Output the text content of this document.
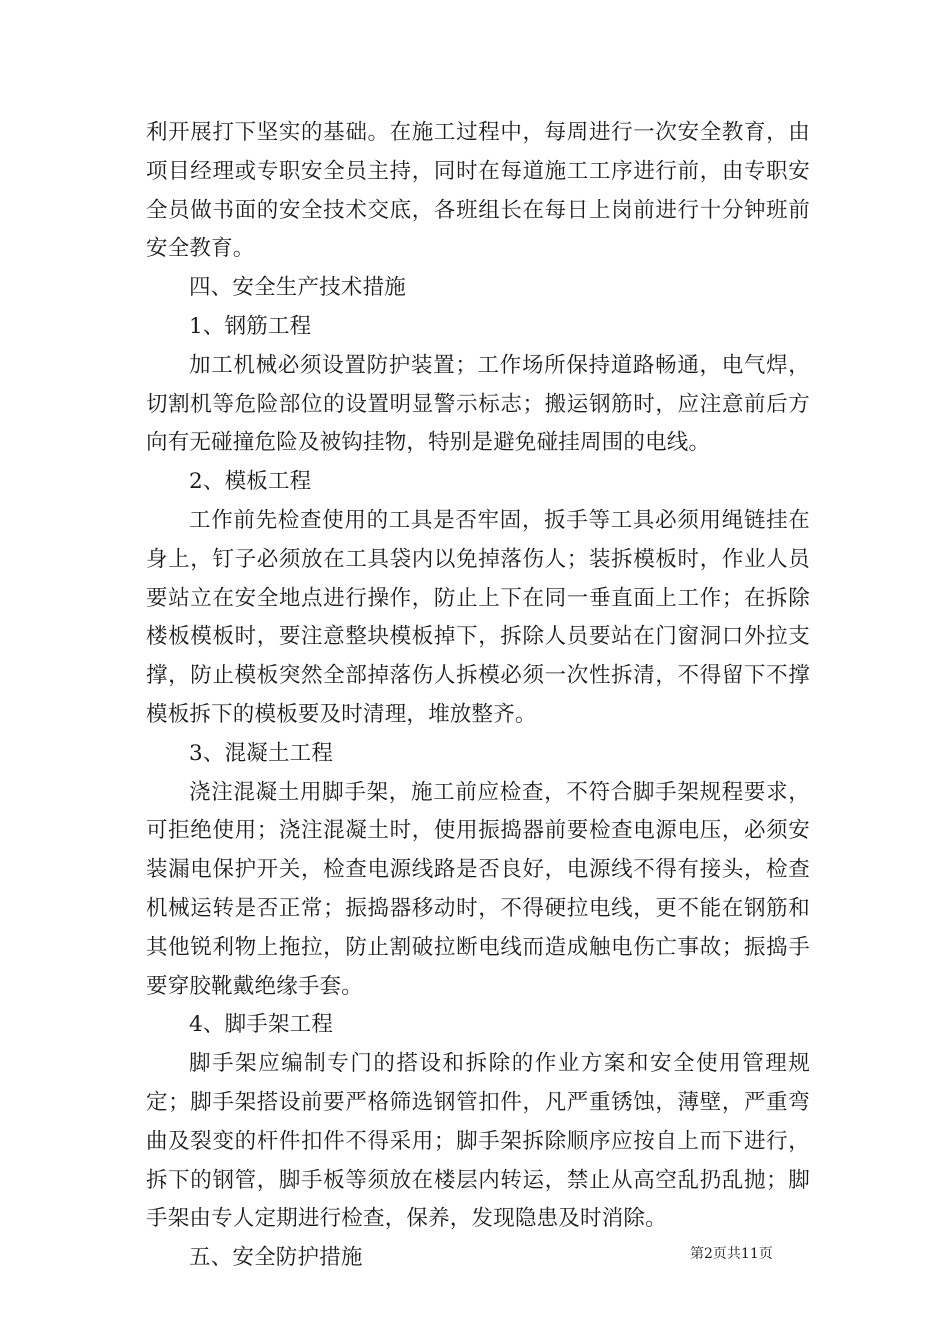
利开展打下坚实的基础。在施工过程中，每周进行一次安全教育，由项目经理或专职安全员主持，同时在每道施工工序进行前，由专职安全员做书面的安全技术交底，各班组长在每日上岗前进行十分钟班前安全教育。

四、安全生产技术措施

1、钢筋工程

加工机械必须设置防护装置；工作场所保持道路畅通，电气焊，切割机等危险部位的设置明显警示标志；搬运钢筋时，应注意前后方向有无碰撞危险及被钩挂物，特别是避免碰挂周围的电线。

2、模板工程

工作前先检查使用的工具是否牢固，扳手等工具必须用绳链挂在身上，钉子必须放在工具袋内以免掉落伤人；装拆模板时，作业人员要站立在安全地点进行操作，防止上下在同一垂直面上工作；在拆除楼板模板时，要注意整块模板掉下，拆除人员要站在门窗洞口外拉支撑，防止模板突然全部掉落伤人拆模必须一次性拆清，不得留下不撑模板拆下的模板要及时清理，堆放整齐。

3、混凝土工程

浇注混凝土用脚手架，施工前应检查，不符合脚手架规程要求，可拒绝使用；浇注混凝土时，使用振捣器前要检查电源电压，必须安装漏电保护开关，检查电源线路是否良好，电源线不得有接头，检查机械运转是否正常；振捣器移动时，不得硬拉电线，更不能在钢筋和其他锐利物上拖拉，防止割破拉断电线而造成触电伤亡事故；振捣手要穿胶靴戴绝缘手套。

4、脚手架工程

脚手架应编制专门的搭设和拆除的作业方案和安全使用管理规定；脚手架搭设前要严格筛选钢管扣件，凡严重锈蚀，薄壁，严重弯曲及裂变的杆件扣件不得采用；脚手架拆除顺序应按自上而下进行，拆下的钢管，脚手板等须放在楼层内转运，禁止从高空乱扔乱抛；脚手架由专人定期进行检查，保养，发现隐患及时消除。

五、安全防护措施	第2页共11页
